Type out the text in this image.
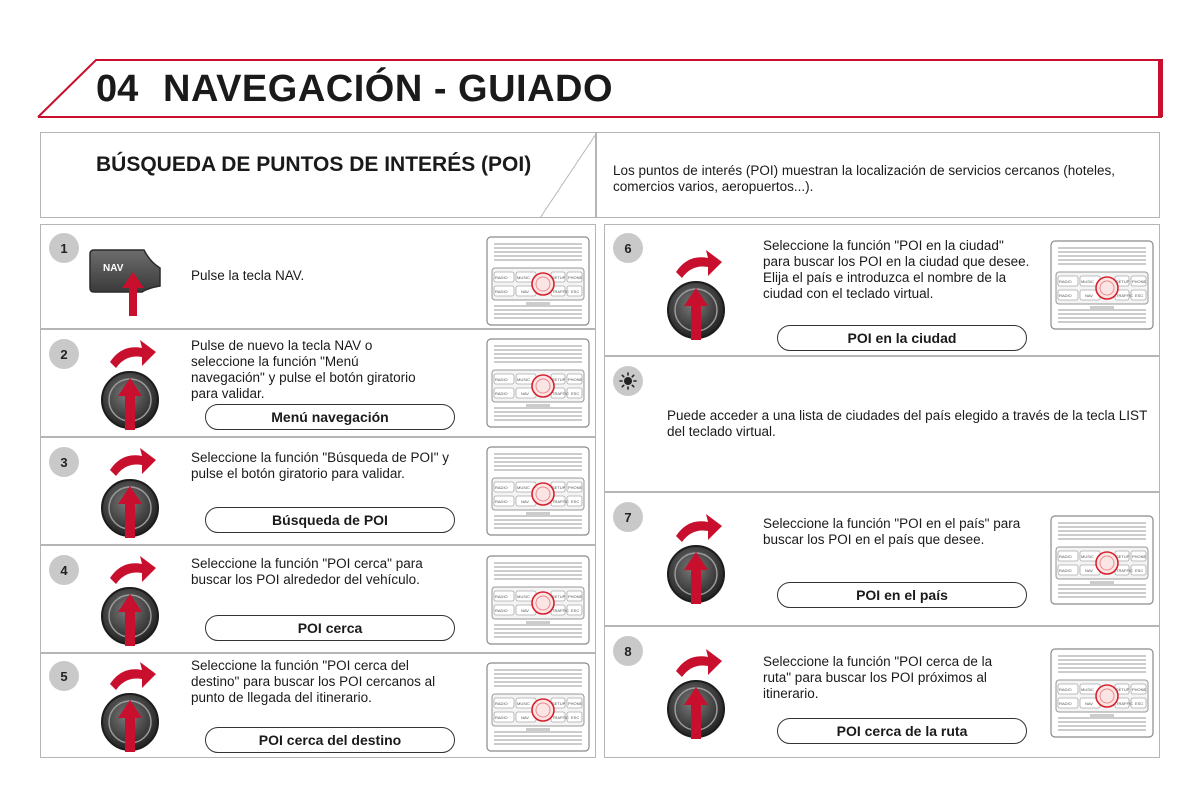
04 NAVEGACIÓN - GUIADO
BÚSQUEDA DE PUNTOS DE INTERÉS (POI)	Los puntos de interés (POI) muestran la localización de servicios cercanos (hoteles, comercios varios, aeropuertos...).
1
NAV	Pulse la tecla NAV.	RADIO MUSIC	SETUP PHONE
RADIO	NAV	TRAFFIC ESC
2
Pulse de nuevo la tecla NAV o seleccione la función "Menú navegación" y pulse el botón giratorio para validar.
Menú navegación
RADIO MUSIC	SETUP PHONE
RADIO	NAV	TRAFFIC ESC
3	Seleccione la función "Búsqueda de POI" y pulse el botón giratorio para validar.
Búsqueda de POI
RADIO MUSIC	SETUP PHONE
RADIO	NAV	TRAFFIC ESC
4	Seleccione la función "POI cerca" para buscar los POI alrededor del vehículo.
POI cerca
RADIO MUSIC	SETUP PHONE
RADIO	NAV	TRAFFIC ESC
5
Seleccione la función "POI cerca del destino" para buscar los POI cercanos al punto de llegada del itinerario.
POI cerca del destino
RADIO MUSIC	SETUP PHONE
RADIO	NAV	TRAFFIC ESC
6	Seleccione la función "POI en la ciudad" para buscar los POI en la ciudad que desee. Elija el país e introduzca el nombre de la ciudad con el teclado virtual.
POI en la ciudad
RADIO MUSIC	SETUP PHONE
RADIO	NAV	TRAFFIC ESC
Puede acceder a una lista de ciudades del país elegido a través de la tecla LIST del teclado virtual.
7	Seleccione la función "POI en el país" para buscar los POI en el país que desee.
POI en el país
RADIO MUSIC	SETUP PHONE
RADIO	NAV	TRAFFIC ESC
8
Seleccione la función "POI cerca de la ruta" para buscar los POI próximos al itinerario.
POI cerca de la ruta
RADIO MUSIC	SETUP PHONE
RADIO	NAV	TRAFFIC ESC
